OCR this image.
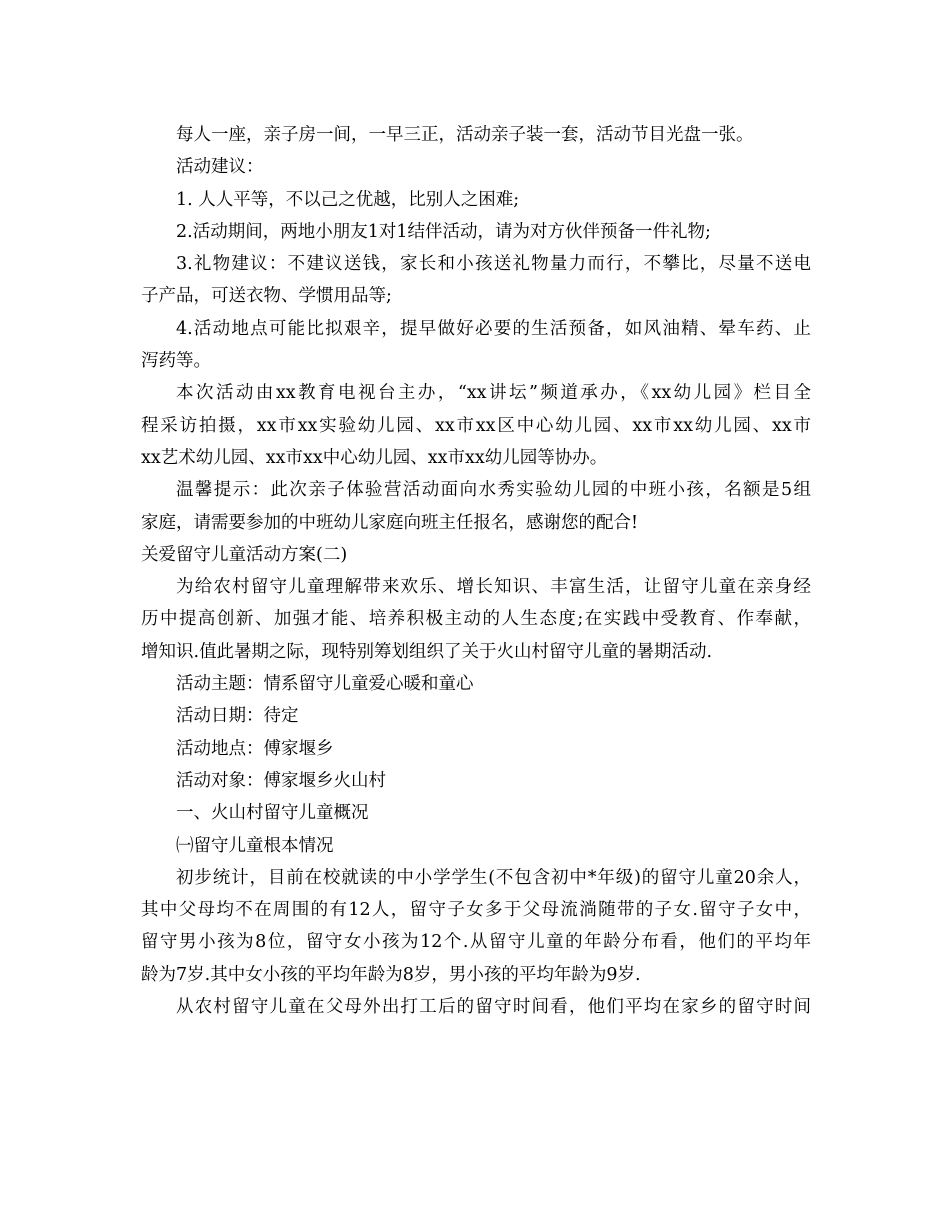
每人一座，亲子房一间，一早三正，活动亲子装一套，活动节目光盘一张。

活动建议：

1. 人人平等，不以己之优越，比别人之困难;

2.活动期间，两地小朋友1对1结伴活动，请为对方伙伴预备一件礼物;

3.礼物建议：不建议送钱，家长和小孩送礼物量力而行，不攀比，尽量不送电

子产品，可送衣物、学惯用品等;

4.活动地点可能比拟艰辛，提早做好必要的生活预备，如风油精、晕车药、止

泻药等。

本次活动由xx教育电视台主办，“xx讲坛”频道承办，《xx幼儿园》栏目全

程采访拍摄，xx市xx实验幼儿园、xx市xx区中心幼儿园、xx市xx幼儿园、xx市

xx艺术幼儿园、xx市xx中心幼儿园、xx市xx幼儿园等协办。

温馨提示：此次亲子体验营活动面向水秀实验幼儿园的中班小孩，名额是5组

家庭，请需要参加的中班幼儿家庭向班主任报名，感谢您的配合!

关爱留守儿童活动方案(二)

为给农村留守儿童理解带来欢乐、增长知识、丰富生活，让留守儿童在亲身经

历中提高创新、加强才能、培养积极主动的人生态度;在实践中受教育、作奉献，

增知识.值此暑期之际，现特别筹划组织了关于火山村留守儿童的暑期活动.

活动主题：情系留守儿童爱心暖和童心

活动日期：待定

活动地点：傅家堰乡

活动对象：傅家堰乡火山村

一、火山村留守儿童概况

㈠留守儿童根本情况

初步统计，目前在校就读的中小学学生(不包含初中*年级)的留守儿童20余人，

其中父母均不在周围的有12人，留守子女多于父母流淌随带的子女.留守子女中，

留守男小孩为8位，留守女小孩为12个.从留守儿童的年龄分布看，他们的平均年

龄为7岁.其中女小孩的平均年龄为8岁，男小孩的平均年龄为9岁.

从农村留守儿童在父母外出打工后的留守时间看，他们平均在家乡的留守时间
